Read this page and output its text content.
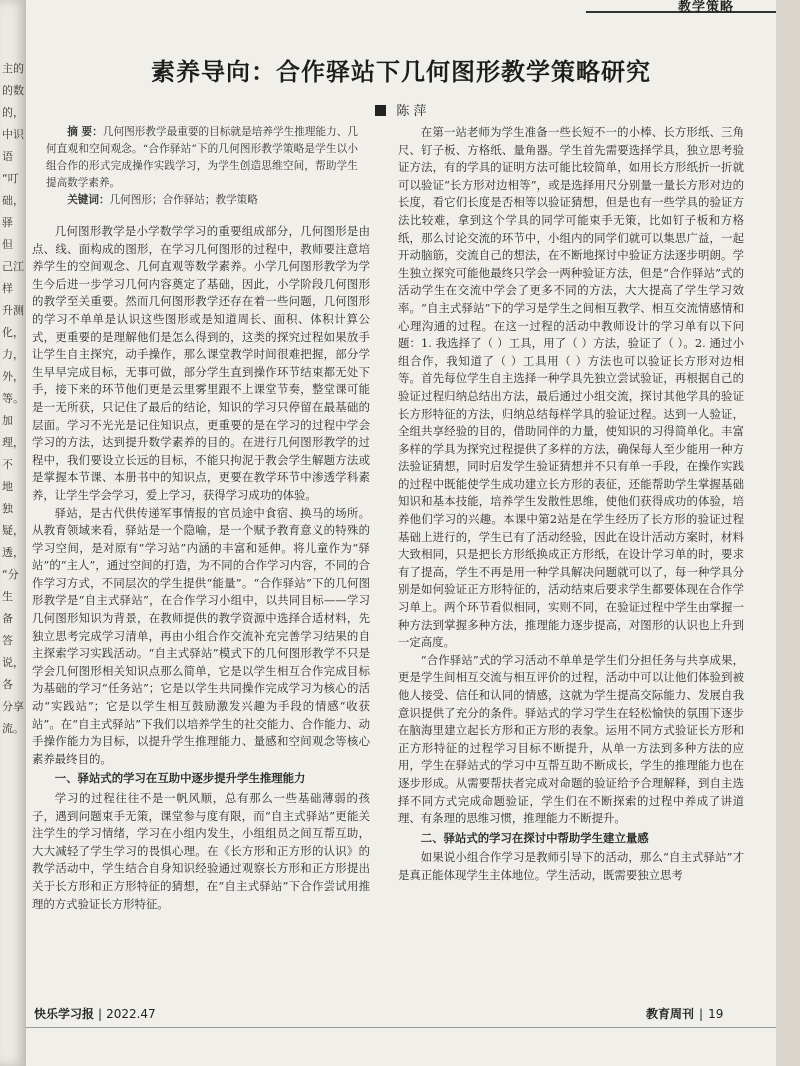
主的
的数
的，
中识
语
“叮
础，
驿
但
己江
样
升测
化，
力，
外，
等。
加
理，
不
地
独
疑，
透，
“分
生
备
答
说，
各
分享
流。
教学策略
素养导向：合作驿站下几何图形教学策略研究
陈 萍

摘 要：几何图形教学最重要的目标就是培养学生推理能力、几何直观和空间观念。“合作驿站”下的几何图形教学策略是学生以小组合作的形式完成操作实践学习，为学生创造思维空间，帮助学生提高数学素养。

关键词：几何图形；合作驿站；教学策略

几何图形教学是小学数学学习的重要组成部分，几何图形是由点、线、面构成的图形，在学习几何图形的过程中，教师要注意培养学生的空间观念、几何直观等数学素养。小学几何图形教学为学生今后进一步学习几何内容奠定了基础，因此，小学阶段几何图形的教学至关重要。然而几何图形教学还存在着一些问题，几何图形的学习不单单是认识这些图形或是知道周长、面积、体积计算公式，更重要的是理解他们是怎么得到的，这类的探究过程如果放手让学生自主探究，动手操作，那么课堂教学时间很难把握，部分学生早早完成目标，无事可做，部分学生直到操作环节结束都无处下手，接下来的环节他们更是云里雾里跟不上课堂节奏，整堂课可能是一无所获，只记住了最后的结论，知识的学习只停留在最基础的层面。学习不光光是记住知识点，更重要的是在学习的过程中学会学习的方法，达到提升数学素养的目的。在进行几何图形教学的过程中，我们要设立长远的目标，不能只拘泥于教会学生解题方法或是掌握本节课、本册书中的知识点，更要在教学环节中渗透学科素养，让学生学会学习，爱上学习，获得学习成功的体验。

驿站，是古代供传递军事情报的官员途中食宿、换马的场所。从教育领域来看，驿站是一个隐喻，是一个赋予教育意义的特殊的学习空间，是对原有“学习站”内涵的丰富和延伸。将儿童作为“驿站”的“主人”，通过空间的打造，为不同的合作学习内容，不同的合作学习方式，不同层次的学生提供“能量”。“合作驿站”下的几何图形教学是“自主式驿站”，在合作学习小组中，以共同目标——学习几何图形知识为背景，在教师提供的教学资源中选择合适材料，先独立思考完成学习清单，再由小组合作交流补充完善学习结果的自主探索学习实践活动。“自主式驿站”模式下的几何图形教学不只是学会几何图形相关知识点那么简单，它是以学生相互合作完成目标为基础的学习“任务站”；它是以学生共同操作完成学习为核心的活动“实践站”；它是以学生相互鼓励激发兴趣为手段的情感“收获站”。在“自主式驿站”下我们以培养学生的社交能力、合作能力、动手操作能力为目标，以提升学生推理能力、量感和空间观念等核心素养最终目的。

一、驿站式的学习在互助中逐步提升学生推理能力

学习的过程往往不是一帆风顺，总有那么一些基础薄弱的孩子，遇到问题束手无策，课堂参与度有限，而“自主式驿站”更能关注学生的学习情绪，学习在小组内发生，小组组员之间互帮互助，大大减轻了学生学习的畏惧心理。在《长方形和正方形的认识》的教学活动中，学生结合自身知识经验通过观察长方形和正方形提出关于长方形和正方形特征的猜想，在“自主式驿站”下合作尝试用推理的方式验证长方形特征。

在第一站老师为学生准备一些长短不一的小棒、长方形纸、三角尺、钉子板、方格纸、量角器。学生首先需要选择学具，独立思考验证方法，有的学具的证明方法可能比较简单，如用长方形纸折一折就可以验证“长方形对边相等”，或是选择用尺分别量一量长方形对边的长度，看它们长度是否相等以验证猜想，但是也有一些学具的验证方法比较难，拿到这个学具的同学可能束手无策，比如钉子板和方格纸，那么讨论交流的环节中，小组内的同学们就可以集思广益，一起开动脑筋，交流自己的想法，在不断地探讨中验证方法逐步明朗。学生独立探究可能他最终只学会一两种验证方法，但是“合作驿站”式的活动学生在交流中学会了更多不同的方法，大大提高了学生学习效率。“自主式驿站”下的学习是学生之间相互教学、相互交流情感情和心理沟通的过程。在这一过程的活动中教师设计的学习单有以下问题：1. 我选择了（ ）工具，用了（ ）方法，验证了（ ）。2. 通过小组合作，我知道了（ ）工具用（ ）方法也可以验证长方形对边相等。首先每位学生自主选择一种学具先独立尝试验证，再根据自己的验证过程归纳总结出方法，最后通过小组交流，探讨其他学具的验证长方形特征的方法，归纳总结每样学具的验证过程。达到一人验证，全组共享经验的目的，借助同伴的力量，使知识的习得简单化。丰富多样的学具为探究过程提供了多样的方法，确保每人至少能用一种方法验证猜想，同时启发学生验证猜想并不只有单一手段，在操作实践的过程中既能使学生成功建立长方形的表征，还能帮助学生掌握基础知识和基本技能，培养学生发散性思维，使他们获得成功的体验，培养他们学习的兴趣。本课中第2站是在学生经历了长方形的验证过程基础上进行的，学生已有了活动经验，因此在设计活动方案时，材料大致相同，只是把长方形纸换成正方形纸，在设计学习单的时，要求有了提高，学生不再是用一种学具解决问题就可以了，每一种学具分别是如何验证正方形特征的，活动结束后要求学生都要体现在合作学习单上。两个环节看似相同，实则不同，在验证过程中学生由掌握一种方法到掌握多种方法，推理能力逐步提高，对图形的认识也上升到一定高度。

“合作驿站”式的学习活动不单单是学生们分担任务与共享成果，更是学生间相互交流与相互评价的过程，活动中可以让他们体验到被他人接受、信任和认同的情感，这就为学生提高交际能力、发展自我意识提供了充分的条件。驿站式的学习学生在轻松愉快的氛围下逐步在脑海里建立起长方形和正方形的表象。运用不同方式验证长方形和正方形特征的过程学习目标不断提升，从单一方法到多种方法的应用，学生在驿站式的学习中互帮互助不断成长，学生的推理能力也在逐步形成。从需要帮扶者完成对命题的验证给予合理解释，到自主选择不同方式完成命题验证，学生们在不断探索的过程中养成了讲道理、有条理的思维习惯，推理能力不断提升。

二、驿站式的学习在探讨中帮助学生建立量感

如果说小组合作学习是教师引导下的活动，那么“自主式驿站”才是真正能体现学生主体地位。学生活动，既需要独立思考

快乐学习报 | 2022.47	教育周刊 | 19
